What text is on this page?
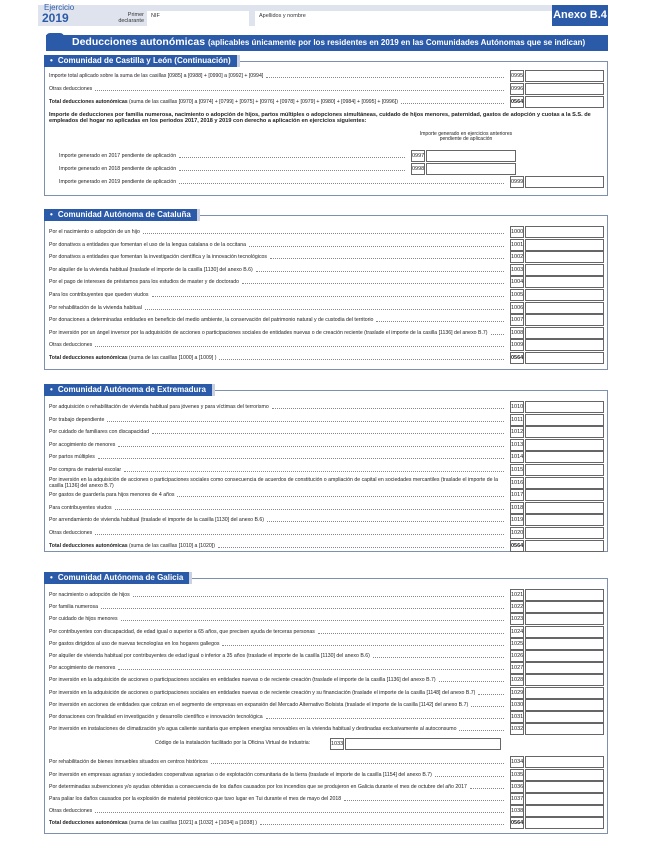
Primer declarante
NIF	Apellidos y nombre
Ejercicio
2019	Anexo B.4
Deducciones autonómicas (aplicables únicamente por los residentes en 2019 en las Comunidades Autónomas que se indican)
• Comunidad de Castilla y León (Continuación)
Importe total aplicado sobre la suma de las casillas [0985] a [0988] + [0990] a [0992] + [0994]	0995
Otras deducciones	0996
Total deducciones autonómicas (suma de las casillas [0970] a [0974] + [0799] + [0975] + [0976] + [0978] + [0979] + [0980] + [0984] + [0995] + [0996])	0564
Importe de deducciones por familia numerosa, nacimiento o adopción de hijos, partos múltiples o adopciones simultáneas, cuidado de hijos menores, paternidad, gastos de adopción y cuotas a la S.S. de empleados del hogar no aplicadas en los periodos 2017, 2018 y 2019 con derecho a aplicación en ejercicios siguientes:
Importe generado en ejercicios anteriores pendiente de aplicación
Importe generado en 2017 pendiente de aplicación	0997
Importe generado en 2018 pendiente de aplicación	0998
Importe generado en 2019 pendiente de aplicación	0999
• Comunidad Autónoma de Cataluña
Por el nacimiento o adopción de un hijo	1000
Por donativos a entidades que fomentan el uso de la lengua catalana o de la occitana	1001
Por donativos a entidades que fomentan la investigación científica y la innovación tecnológicos	1002
Por alquiler de la vivienda habitual (traslade el importe de la casilla [1130] del anexo B.6)	1003
Por el pago de intereses de préstamos para los estudios de master y de doctorado	1004
Para los contribuyentes que queden viudos	1005
Por rehabilitación de la vivienda habitual	1006
Por donaciones a determinadas entidades en beneficio del medio ambiente, la conservación del patrimonio natural y de custodia del territorio	1007
Por inversión por un ángel inversor por la adquisición de acciones o participaciones sociales de entidades nuevas o de creación reciente (traslade el importe de la casilla [1136] del anexo B.7)	1008
Otras deducciones	1009
Total deducciones autonómicas (suma de las casillas [1000] a [1009] )	0564
• Comunidad Autónoma de Extremadura
Por adquisición o rehabilitación de vivienda habitual para jóvenes y para víctimas del terrorismo	1010
Por trabajo dependiente	1011
Por cuidado de familiares con discapacidad	1012
Por acogimiento de menores	1013
Por partos múltiples	1014
Por compra de material escolar	1015
Por inversión en la adquisición de acciones o participaciones sociales como consecuencia de acuerdos de constitución o ampliación de capital en sociedades mercantiles (traslade el importe de la casilla [1136] del anexo B.7)	1016
Por gastos de guardería para hijos menores de 4 años	1017
Para contribuyentes viudos	1018
Por arrendamiento de vivienda habitual (traslade el importe de la casilla [1130] del anexo B.6)	1019
Otras deducciones	1020
Total deducciones autonómicas (suma de las casillas [1010] a [1020])	0564
• Comunidad Autónoma de Galicia
Por nacimiento o adopción de hijos	1021
Por familia numerosa	1022
Por cuidado de hijos menores	1023
Por contribuyentes con discapacidad, de edad igual o superior a 65 años, que precisen ayuda de terceras personas	1024
Por gastos dirigidos al uso de nuevas tecnologías en los hogares gallegos	1025
Por alquiler de vivienda habitual por contribuyentes de edad igual o inferior a 35 años (traslade el importe de la casilla [1130] del anexo B.6)	1026
Por acogimiento de menores	1027
Por inversión en la adquisición de acciones o participaciones sociales en entidades nuevas o de reciente creación (traslade el importe de la casilla [1136] del anexo B.7)	1028
Por inversión en la adquisición de acciones o participaciones sociales en entidades nuevas o de reciente creación y su financiación (traslade el importe de la casilla [1148] del anexo B.7)	1029
Por inversión en acciones de entidades que cotizan en el segmento de empresas en expansión del Mercado Alternativo Bolsista (traslade el importe de la casilla [1142] del anexo B.7)	1030
Por donaciones con finalidad en investigación y desarrollo científico e innovación tecnológica	1031
Por inversión en instalaciones de climatización y/o agua caliente sanitaria que empleen energías renovables en la vivienda habitual y destinadas exclusivamente al autoconsumo	1032
Código de la instalación facilitado por la Oficina Virtual de Industria:	1033
Por rehabilitación de bienes inmuebles situados en centros históricos	1034
Por inversión en empresas agrarias y sociedades cooperativas agrarias o de explotación comunitaria de la tierra (traslade el importe de la casilla [1154] del anexo B.7)	1035
Por determinadas subvenciones y/o ayudas obtenidas a consecuencia de los daños causados por los incendios que se produjeron en Galicia durante el mes de octubre del año 2017	1036
Para paliar los daños causados por la explosión de material pirotécnico que tuvo lugar en Tui durante el mes de mayo del 2018	1037
Otras deducciones	1038
Total deducciones autonómicas (suma de las casillas [1021] a [1032] + [1034] a [1038] )	0564
